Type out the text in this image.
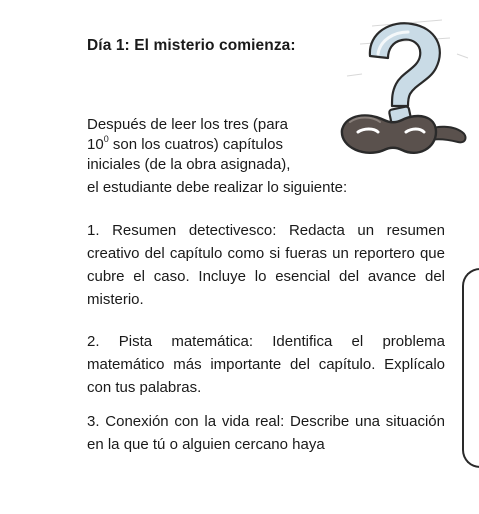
Día 1: El misterio comienza:
Después de leer los tres (para
$10^0$ son los cuatros) capítulos
iniciales (de la obra asignada),
el estudiante debe realizar lo siguiente:
1. Resumen detectivesco: Redacta un resumen creativo del capítulo como si fueras un reportero que cubre el caso. Incluye lo esencial del avance del misterio.
2. Pista matemática: Identifica el problema matemático más importante del capítulo. Explícalo con tus palabras.
3. Conexión con la vida real: Describe una situación en la que tú o alguien cercano haya
